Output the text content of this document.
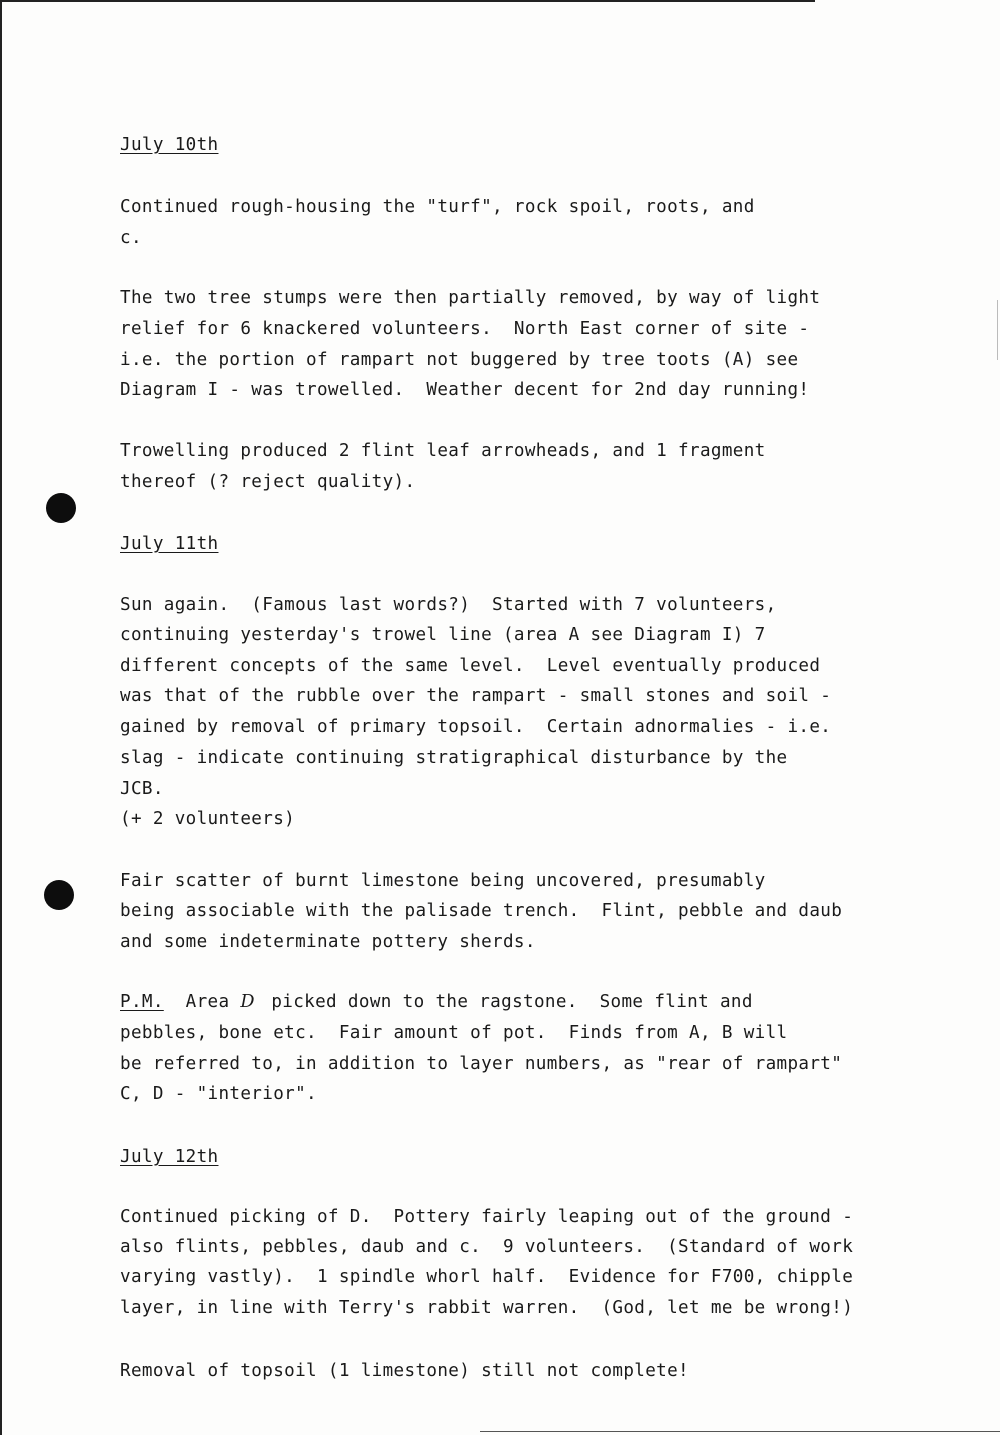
July 10th
Continued rough-housing the "turf", rock spoil, roots, and
c.
The two tree stumps were then partially removed, by way of light
relief for 6 knackered volunteers.  North East corner of site -
i.e. the portion of rampart not buggered by tree toots (A) see
Diagram I - was trowelled.  Weather decent for 2nd day running!
Trowelling produced 2 flint leaf arrowheads, and 1 fragment
thereof (? reject quality).
July 11th
Sun again.  (Famous last words?)  Started with 7 volunteers,
continuing yesterday's trowel line (area A see Diagram I) 7
different concepts of the same level.  Level eventually produced
was that of the rubble over the rampart - small stones and soil -
gained by removal of primary topsoil.  Certain adnormalies - i.e.
slag - indicate continuing stratigraphical disturbance by the
JCB.
(+ 2 volunteers)
Fair scatter of burnt limestone being uncovered, presumably
being associable with the palisade trench.  Flint, pebble and daub
and some indeterminate pottery sherds.
P.M.  Area D picked down to the ragstone.  Some flint and
pebbles, bone etc.  Fair amount of pot.  Finds from A, B will
be referred to, in addition to layer numbers, as "rear of rampart"
C, D - "interior".
July 12th
Continued picking of D.  Pottery fairly leaping out of the ground -
also flints, pebbles, daub and c.  9 volunteers.  (Standard of work
varying vastly).  1 spindle whorl half.  Evidence for F700, chipple
layer, in line with Terry's rabbit warren.  (God, let me be wrong!)
Removal of topsoil (1 limestone) still not complete!
